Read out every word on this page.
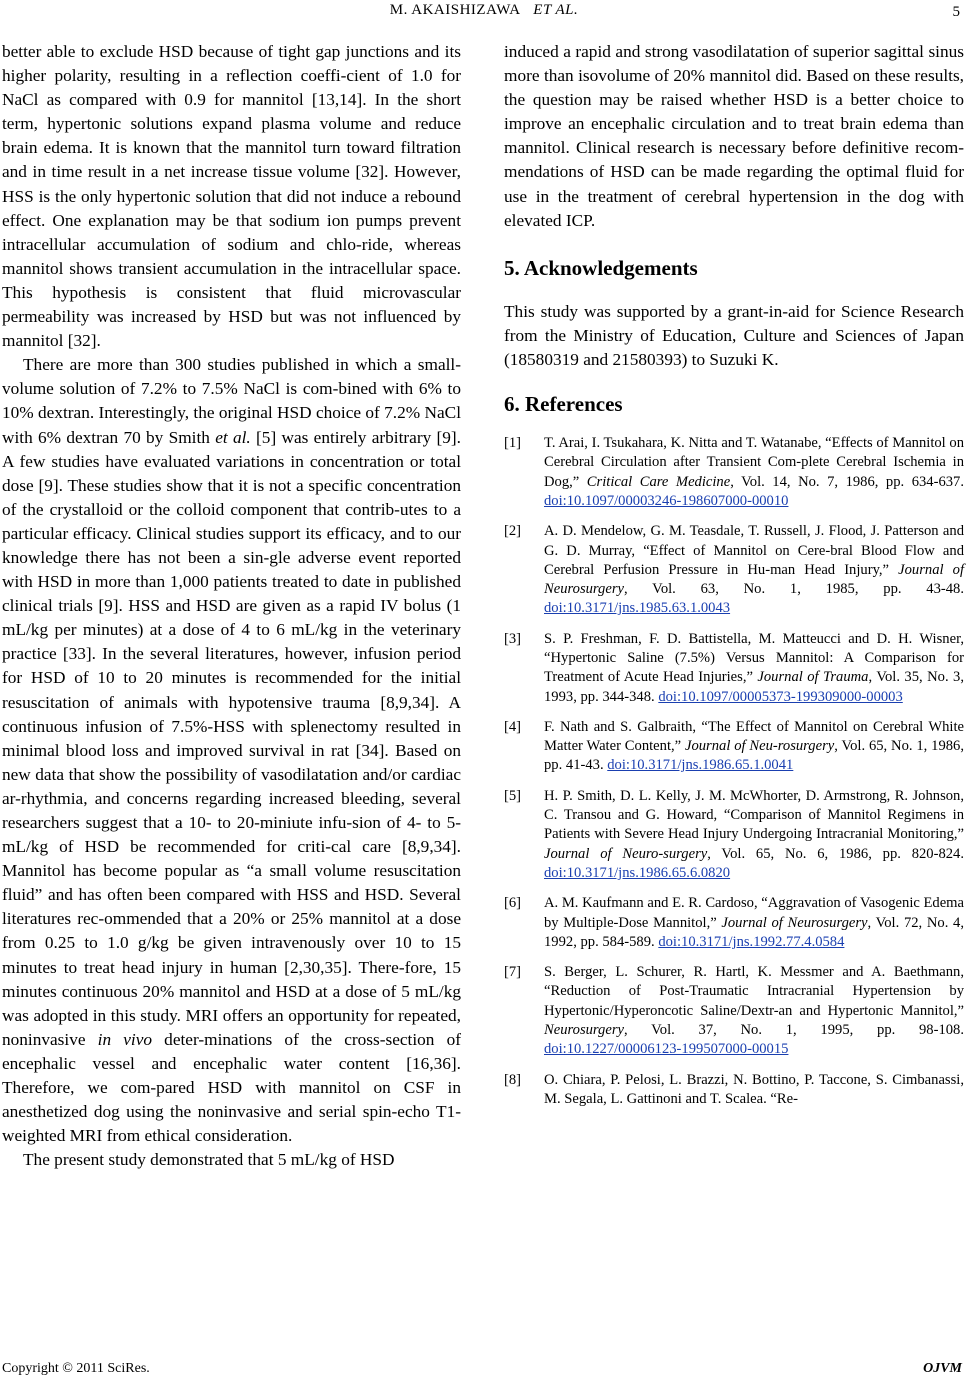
M. AKAISHIZAWA ET AL.	5

better able to exclude HSD because of tight gap junctions and its higher polarity, resulting in a reflection coeffi-cient of 1.0 for NaCl as compared with 0.9 for mannitol [13,14]. In the short term, hypertonic solutions expand plasma volume and reduce brain edema. It is known that the mannitol turn toward filtration and in time result in a net increase tissue volume [32]. However, HSS is the only hypertonic solution that did not induce a rebound effect. One explanation may be that sodium ion pumps prevent intracellular accumulation of sodium and chlo-ride, whereas mannitol shows transient accumulation in the intracellular space. This hypothesis is consistent that fluid microvascular permeability was increased by HSD but was not influenced by mannitol [32].

There are more than 300 studies published in which a small-volume solution of 7.2% to 7.5% NaCl is com-bined with 6% to 10% dextran. Interestingly, the original HSD choice of 7.2% NaCl with 6% dextran 70 by Smith et al. [5] was entirely arbitrary [9]. A few studies have evaluated variations in concentration or total dose [9]. These studies show that it is not a specific concentration of the crystalloid or the colloid component that contrib-utes to a particular efficacy. Clinical studies support its efficacy, and to our knowledge there has not been a sin-gle adverse event reported with HSD in more than 1,000 patients treated to date in published clinical trials [9]. HSS and HSD are given as a rapid IV bolus (1 mL/kg per minutes) at a dose of 4 to 6 mL/kg in the veterinary practice [33]. In the several literatures, however, infusion period for HSD of 10 to 20 minutes is recommended for the initial resuscitation of animals with hypotensive trauma [8,9,34]. A continuous infusion of 7.5%-HSS with splenectomy resulted in minimal blood loss and improved survival in rat [34]. Based on new data that show the possibility of vasodilatation and/or cardiac ar-rhythmia, and concerns regarding increased bleeding, several researchers suggest that a 10- to 20-miniute infu-sion of 4- to 5-mL/kg of HSD be recommended for criti-cal care [8,9,34]. Mannitol has become popular as “a small volume resuscitation fluid” and has often been compared with HSS and HSD. Several literatures rec-ommended that a 20% or 25% mannitol at a dose from 0.25 to 1.0 g/kg be given intravenously over 10 to 15 minutes to treat head injury in human [2,30,35]. There-fore, 15 minutes continuous 20% mannitol and HSD at a dose of 5 mL/kg was adopted in this study. MRI offers an opportunity for repeated, noninvasive in vivo deter-minations of the cross-section of encephalic vessel and encephalic water content [16,36]. Therefore, we com-pared HSD with mannitol on CSF in anesthetized dog using the noninvasive and serial spin-echo T1-weighted MRI from ethical consideration.

The present study demonstrated that 5 mL/kg of HSD

induced a rapid and strong vasodilatation of superior sagittal sinus more than isovolume of 20% mannitol did. Based on these results, the question may be raised whether HSD is a better choice to improve an encephalic circulation and to treat brain edema than mannitol. Clinical research is necessary before definitive recom-mendations of HSD can be made regarding the optimal fluid for use in the treatment of cerebral hypertension in the dog with elevated ICP.

5. Acknowledgements

This study was supported by a grant-in-aid for Science Research from the Ministry of Education, Culture and Sciences of Japan (18580319 and 21580393) to Suzuki K.

6. References
[1] T. Arai, I. Tsukahara, K. Nitta and T. Watanabe, “Effects of Mannitol on Cerebral Circulation after Transient Com-plete Cerebral Ischemia in Dog,” Critical Care Medicine, Vol. 14, No. 7, 1986, pp. 634-637. doi:10.1097/00003246-198607000-00010
[2] A. D. Mendelow, G. M. Teasdale, T. Russell, J. Flood, J. Patterson and G. D. Murray, “Effect of Mannitol on Cere-bral Blood Flow and Cerebral Perfusion Pressure in Hu-man Head Injury,” Journal of Neurosurgery, Vol. 63, No. 1, 1985, pp. 43-48. doi:10.3171/jns.1985.63.1.0043
[3] S. P. Freshman, F. D. Battistella, M. Matteucci and D. H. Wisner, “Hypertonic Saline (7.5%) Versus Mannitol: A Comparison for Treatment of Acute Head Injuries,” Journal of Trauma, Vol. 35, No. 3, 1993, pp. 344-348. doi:10.1097/00005373-199309000-00003
[4] F. Nath and S. Galbraith, “The Effect of Mannitol on Cerebral White Matter Water Content,” Journal of Neu-rosurgery, Vol. 65, No. 1, 1986, pp. 41-43. doi:10.3171/jns.1986.65.1.0041
[5] H. P. Smith, D. L. Kelly, J. M. McWhorter, D. Armstrong, R. Johnson, C. Transou and G. Howard, “Comparison of Mannitol Regimens in Patients with Severe Head Injury Undergoing Intracranial Monitoring,” Journal of Neuro-surgery, Vol. 65, No. 6, 1986, pp. 820-824. doi:10.3171/jns.1986.65.6.0820
[6] A. M. Kaufmann and E. R. Cardoso, “Aggravation of Vasogenic Edema by Multiple-Dose Mannitol,” Journal of Neurosurgery, Vol. 72, No. 4, 1992, pp. 584-589. doi:10.3171/jns.1992.77.4.0584
[7] S. Berger, L. Schurer, R. Hartl, K. Messmer and A. Baethmann, “Reduction of Post-Traumatic Intracranial Hypertension by Hypertonic/Hyperoncotic Saline/Dextr-an and Hypertonic Mannitol,” Neurosurgery, Vol. 37, No. 1, 1995, pp. 98-108. doi:10.1227/00006123-199507000-00015
[8] O. Chiara, P. Pelosi, L. Brazzi, N. Bottino, P. Taccone, S. Cimbanassi, M. Segala, L. Gattinoni and T. Scalea. “Re-
Copyright © 2011 SciRes.	OJVM
